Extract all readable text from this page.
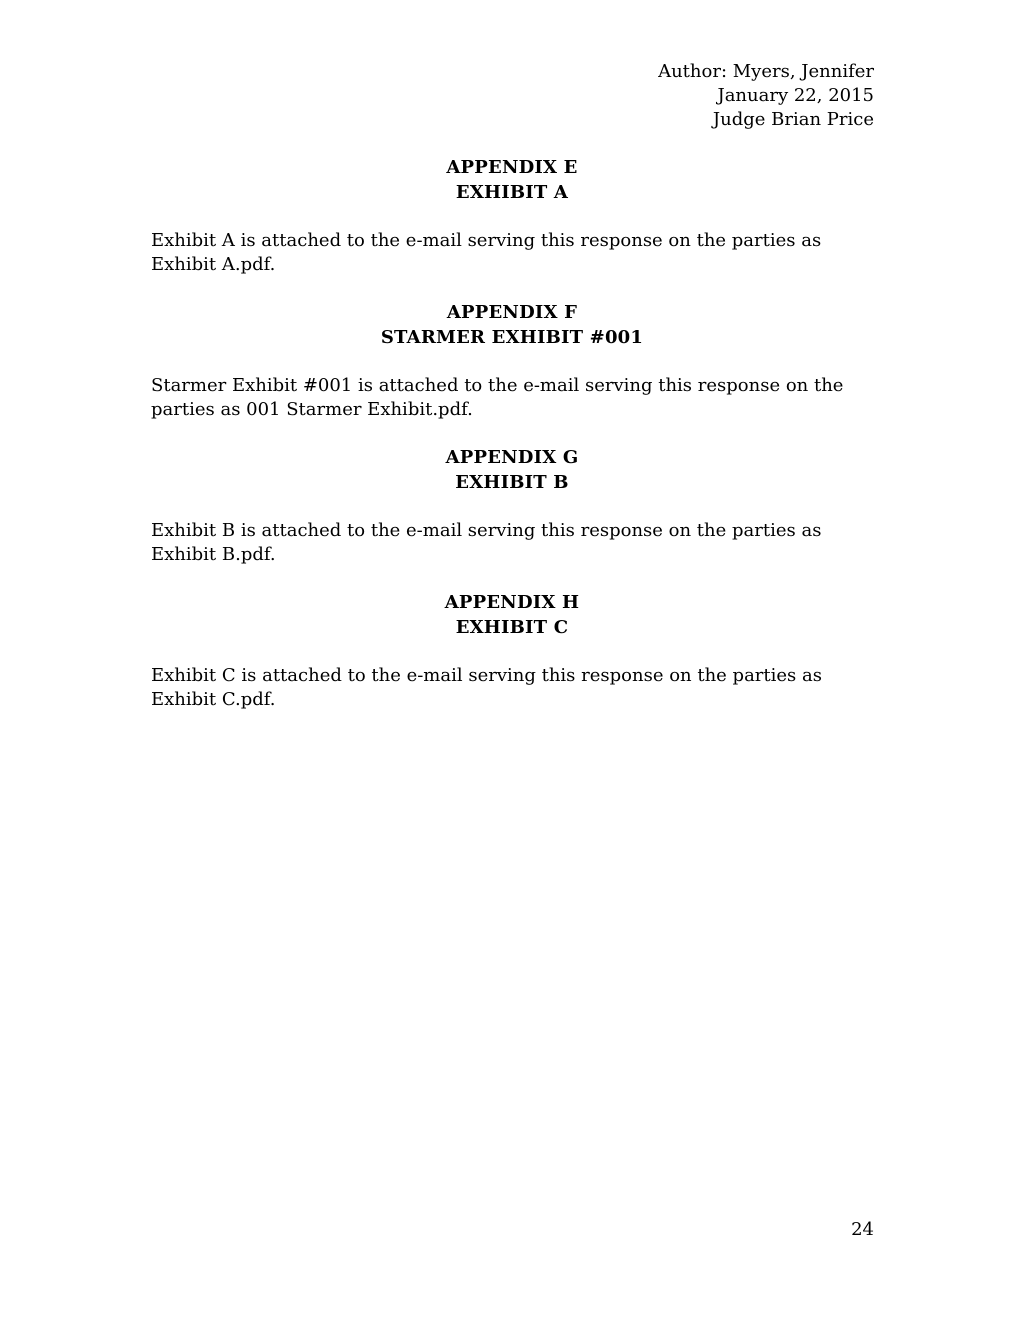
Author: Myers, Jennifer
January 22, 2015
Judge Brian Price
APPENDIX E
EXHIBIT A
Exhibit A is attached to the e-mail serving this response on the parties as
Exhibit A.pdf.
APPENDIX F
STARMER EXHIBIT #001
Starmer Exhibit #001 is attached to the e-mail serving this response on the
parties as 001 Starmer Exhibit.pdf.
APPENDIX G
EXHIBIT B
Exhibit B is attached to the e-mail serving this response on the parties as
Exhibit B.pdf.
APPENDIX H
EXHIBIT C
Exhibit C is attached to the e-mail serving this response on the parties as
Exhibit C.pdf.
24
